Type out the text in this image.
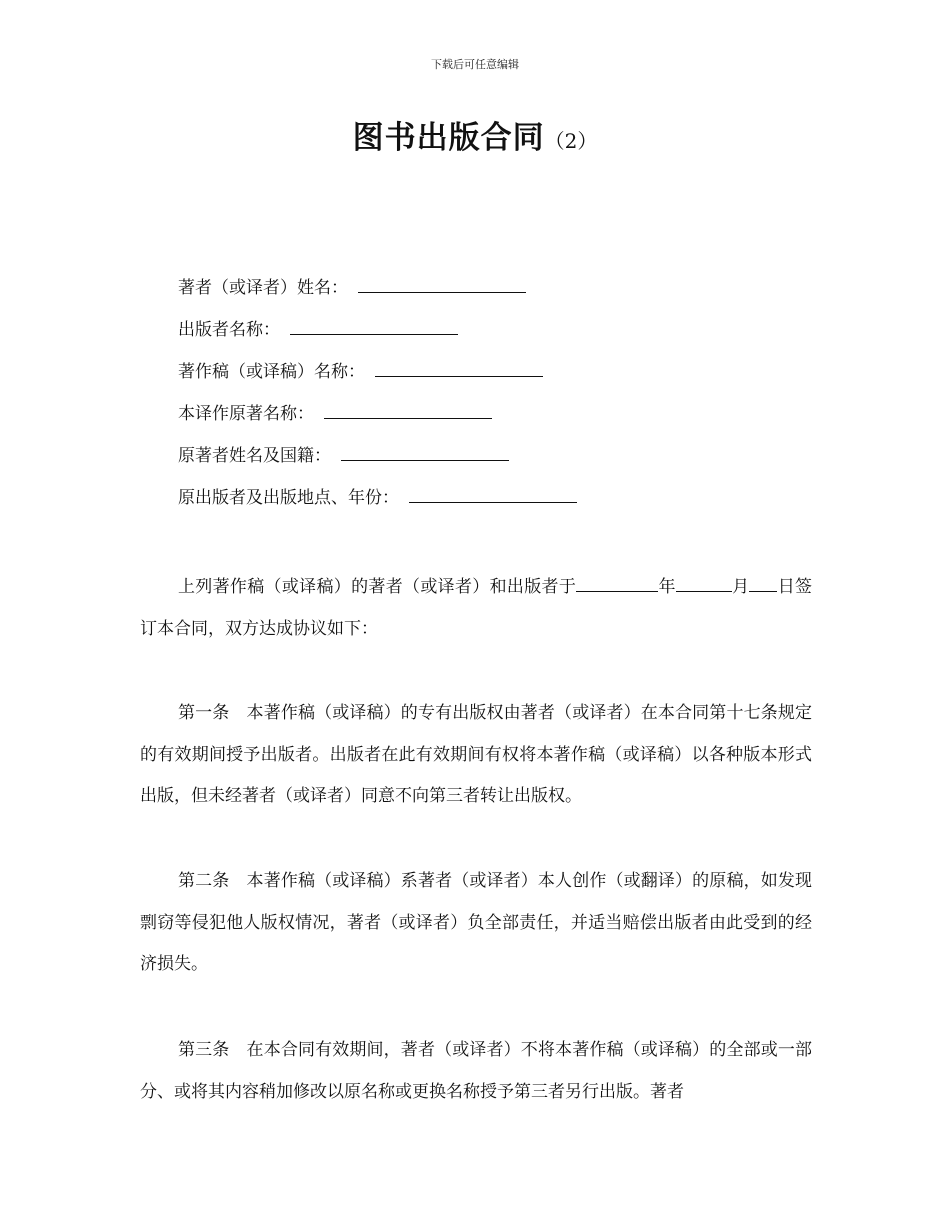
下载后可任意编辑
图书出版合同（2）
著者（或译者）姓名：
出版者名称：
著作稿（或译稿）名称：
本译作原著名称：
原著者姓名及国籍：
原出版者及出版地点、年份：

上列著作稿（或译稿）的著者（或译者）和出版者于	年	月 日签订本合同，双方达成协议如下：

第一条　本著作稿（或译稿）的专有出版权由著者（或译者）在本合同第十七条规定的有效期间授予出版者。出版者在此有效期间有权将本著作稿（或译稿）以各种版本形式出版，但未经著者（或译者）同意不向第三者转让出版权。

第二条　本著作稿（或译稿）系著者（或译者）本人创作（或翻译）的原稿，如发现剽窃等侵犯他人版权情况，著者（或译者）负全部责任，并适当赔偿出版者由此受到的经济损失。

第三条　在本合同有效期间，著者（或译者）不将本著作稿（或译稿）的全部或一部分、或将其内容稍加修改以原名称或更换名称授予第三者另行出版。著者
